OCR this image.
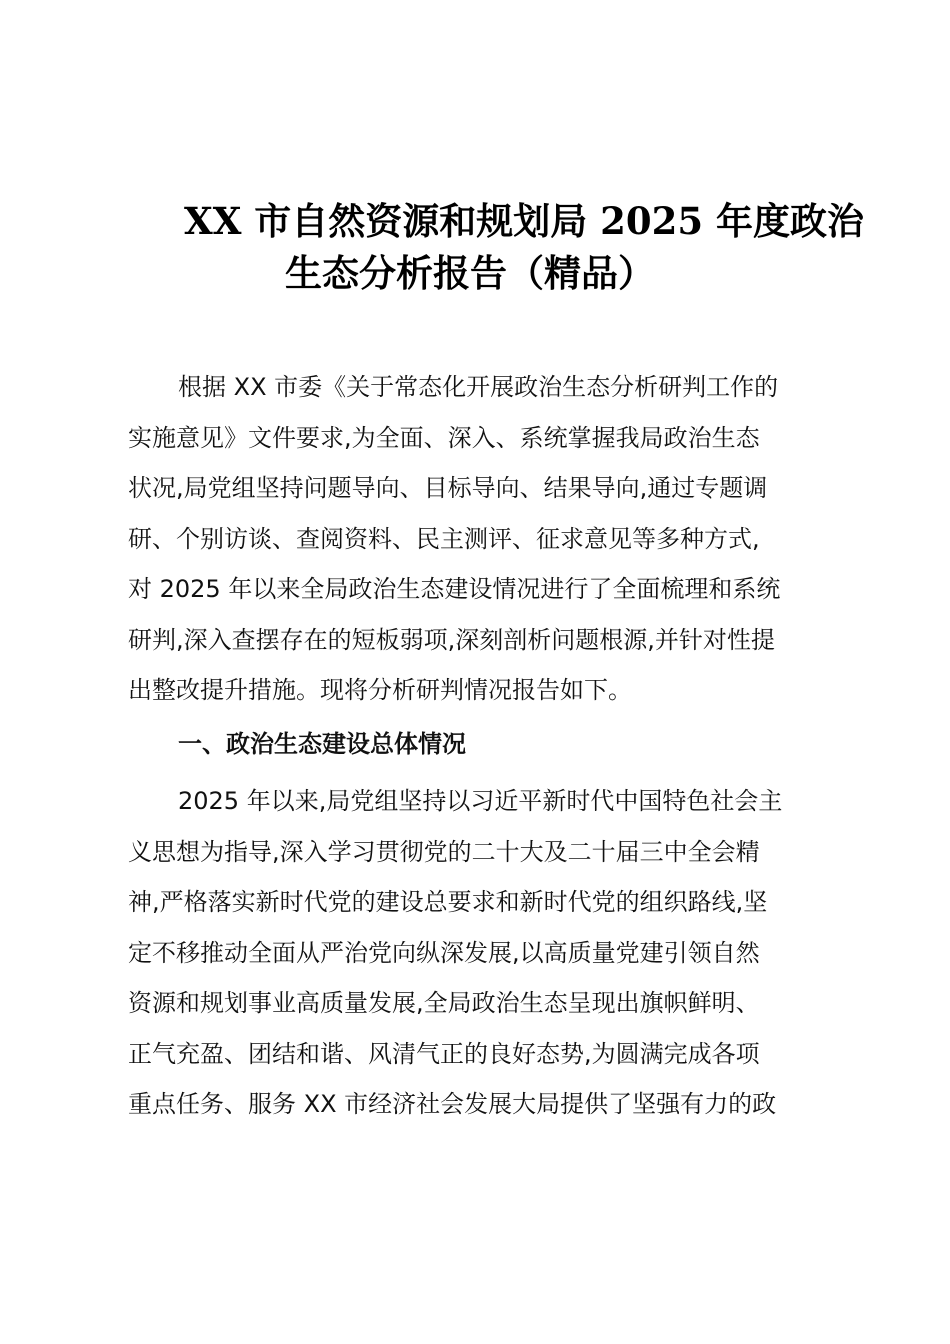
XX 市自然资源和规划局 2025 年度政治
生态分析报告（精品）
根据 XX 市委《关于常态化开展政治生态分析研判工作的
实施意见》文件要求,为全面、深入、系统掌握我局政治生态
状况,局党组坚持问题导向、目标导向、结果导向,通过专题调
研、个别访谈、查阅资料、民主测评、征求意见等多种方式,
对 2025 年以来全局政治生态建设情况进行了全面梳理和系统
研判,深入查摆存在的短板弱项,深刻剖析问题根源,并针对性提
出整改提升措施。现将分析研判情况报告如下。
一、政治生态建设总体情况
2025 年以来,局党组坚持以习近平新时代中国特色社会主
义思想为指导,深入学习贯彻党的二十大及二十届三中全会精
神,严格落实新时代党的建设总要求和新时代党的组织路线,坚
定不移推动全面从严治党向纵深发展,以高质量党建引领自然
资源和规划事业高质量发展,全局政治生态呈现出旗帜鲜明、
正气充盈、团结和谐、风清气正的良好态势,为圆满完成各项
重点任务、服务 XX 市经济社会发展大局提供了坚强有力的政
